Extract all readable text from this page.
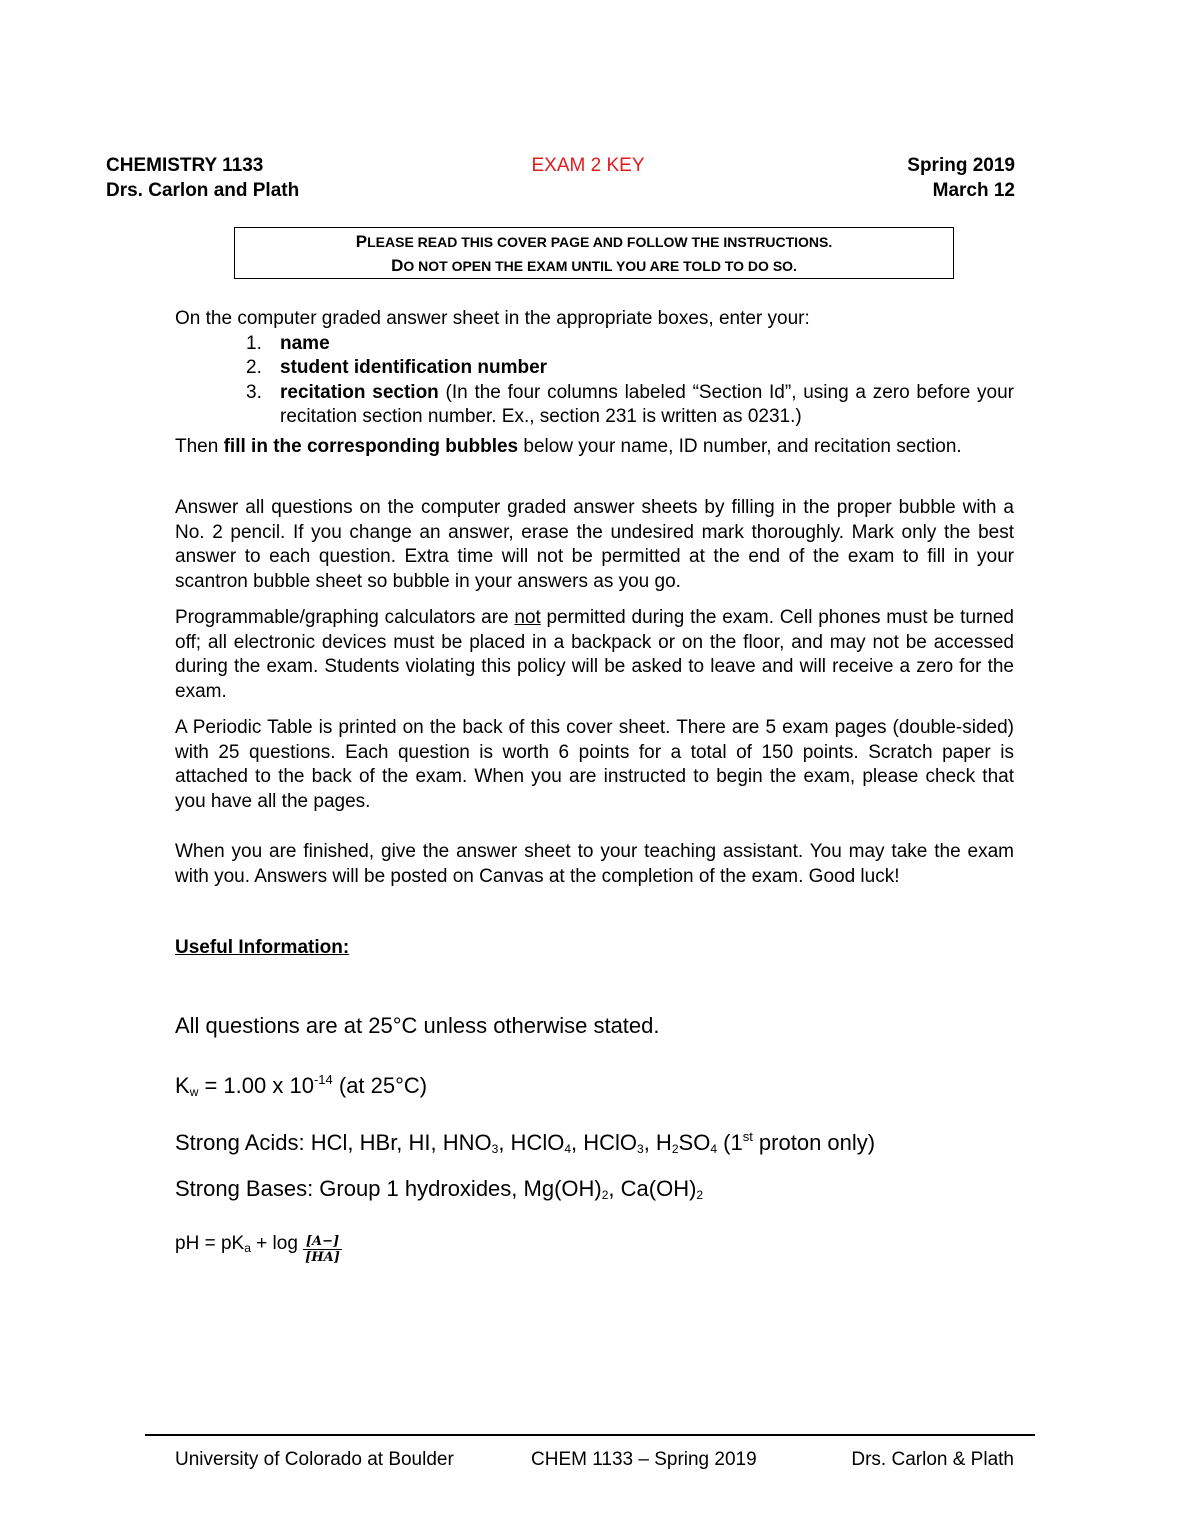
CHEMISTRY 1133
Drs. Carlon and Plath
EXAM 2 KEY	Spring 2019
March 12
PLEASE READ THIS COVER PAGE AND FOLLOW THE INSTRUCTIONS.
DO NOT OPEN THE EXAM UNTIL YOU ARE TOLD TO DO SO.
On the computer graded answer sheet in the appropriate boxes, enter your:
1. name
2. student identification number
3. recitation section (In the four columns labeled “Section Id”, using a zero before your recitation section number. Ex., section 231 is written as 0231.)
Then fill in the corresponding bubbles below your name, ID number, and recitation section.
Answer all questions on the computer graded answer sheets by filling in the proper bubble with a No. 2 pencil. If you change an answer, erase the undesired mark thoroughly. Mark only the best answer to each question. Extra time will not be permitted at the end of the exam to fill in your scantron bubble sheet so bubble in your answers as you go.
Programmable/graphing calculators are not permitted during the exam. Cell phones must be turned off; all electronic devices must be placed in a backpack or on the floor, and may not be accessed during the exam. Students violating this policy will be asked to leave and will receive a zero for the exam.
A Periodic Table is printed on the back of this cover sheet. There are 5 exam pages (double-sided) with 25 questions. Each question is worth 6 points for a total of 150 points. Scratch paper is attached to the back of the exam. When you are instructed to begin the exam, please check that you have all the pages.
When you are finished, give the answer sheet to your teaching assistant. You may take the exam with you. Answers will be posted on Canvas at the completion of the exam. Good luck!
Useful Information:
All questions are at 25°C unless otherwise stated.
$K_w = 1.00$ x $10^{-14}$ (at 25°C)
Strong Acids: HCl, HBr, HI, $HNO_3$, HClO$_4$, HClO$_3$, $H_2SO_4$ (1st proton only)
Strong Bases: Group 1 hydroxides, $Mg(OH)_2$, $Ca(OH)_2$
pH = $pK_a + \log \frac{[A-]}{[HA]}$
University of Colorado at Boulder	CHEM 1133 – Spring 2019	Drs. Carlon & Plath
